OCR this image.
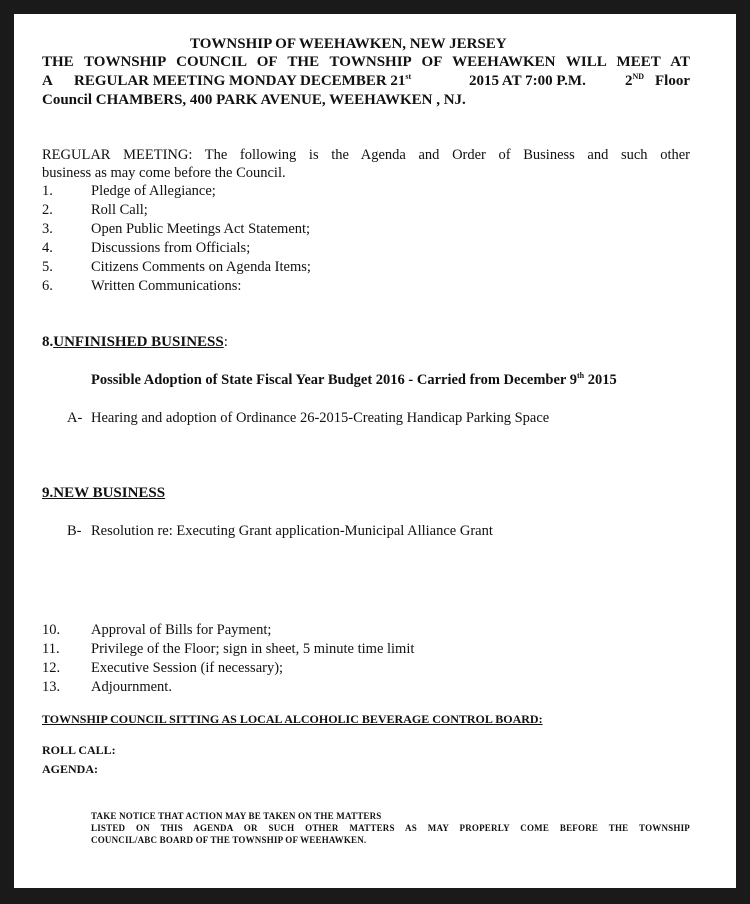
TOWNSHIP OF WEEHAWKEN, NEW JERSEY
THE TOWNSHIP COUNCIL OF THE TOWNSHIP OF WEEHAWKEN WILL MEET AT
A REGULAR MEETING MONDAY DECEMBER 21st	2015 AT 7:00 P.M.	2ND Floor
Council CHAMBERS, 400 PARK AVENUE, WEEHAWKEN , NJ.
REGULAR MEETING: The following is the Agenda and Order of Business and such other
business as may come before the Council.
1.	Pledge of Allegiance;
2.	Roll Call;
3.	Open Public Meetings Act Statement;
4.	Discussions from Officials;
5.	Citizens Comments on Agenda Items;
6.	Written Communications:
8.UNFINISHED BUSINESS:
Possible Adoption of State Fiscal Year Budget 2016 - Carried from December 9th 2015
A- Hearing and adoption of Ordinance 26-2015-Creating Handicap Parking Space
9.NEW BUSINESS
B- Resolution re: Executing Grant application-Municipal Alliance Grant
10. Approval of Bills for Payment;
11. Privilege of the Floor; sign in sheet, 5 minute time limit
12. Executive Session (if necessary);
13. Adjournment.
TOWNSHIP COUNCIL SITTING AS LOCAL ALCOHOLIC BEVERAGE CONTROL BOARD:
ROLL CALL:
AGENDA:
TAKE NOTICE THAT ACTION MAY BE TAKEN ON THE MATTERS
LISTED ON THIS AGENDA OR SUCH OTHER MATTERS AS MAY PROPERLY COME BEFORE THE TOWNSHIP
COUNCIL/ABC BOARD OF THE TOWNSHIP OF WEEHAWKEN.
